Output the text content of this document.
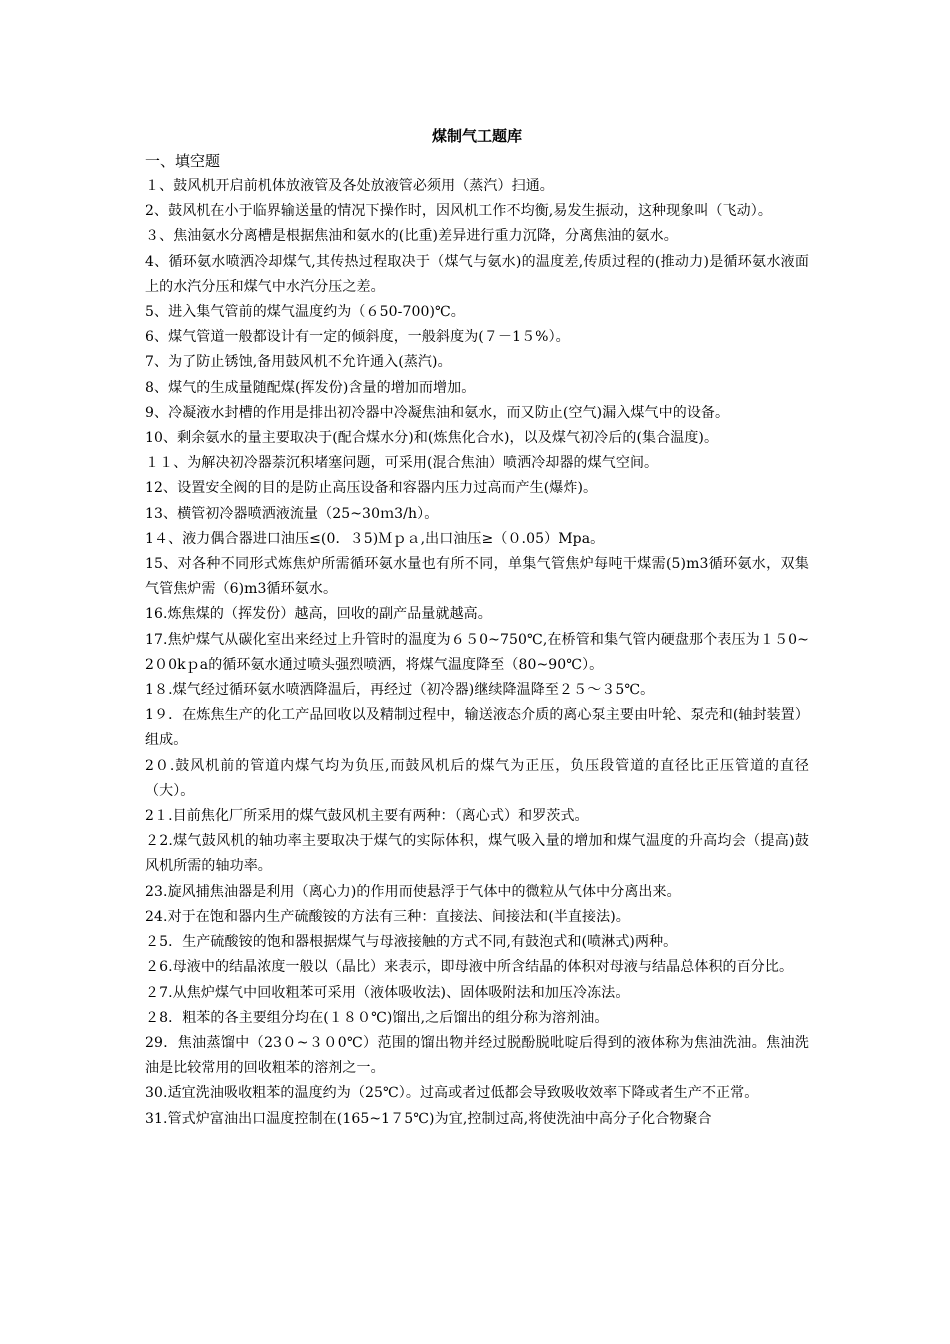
煤制气工题库

一、填空题

１、鼓风机开启前机体放液管及各处放液管必须用（蒸汽）扫通。

2、鼓风机在小于临界输送量的情况下操作时，因风机工作不均衡,易发生振动，这种现象叫（飞动）。

３、焦油氨水分离槽是根据焦油和氨水的(比重)差异进行重力沉降，分离焦油的氨水。

4、循环氨水喷洒冷却煤气,其传热过程取决于（煤气与氨水)的温度差,传质过程的(推动力)是循环氨水液面上的水汽分压和煤气中水汽分压之差。

5、进入集气管前的煤气温度约为（６50-700)℃。

6、煤气管道一般都设计有一定的倾斜度，一般斜度为(７－1５%）。

7、为了防止锈蚀,备用鼓风机不允许通入(蒸汽)。

8、煤气的生成量随配煤(挥发份)含量的增加而增加。

9、冷凝液水封槽的作用是排出初冷器中冷凝焦油和氨水，而又防止(空气)漏入煤气中的设备。

10、剩余氨水的量主要取决于(配合煤水分)和(炼焦化合水)，以及煤气初冷后的(集合温度)。

１１、为解决初冷器萘沉积堵塞问题，可采用(混合焦油）喷洒冷却器的煤气空间。

12、设置安全阀的目的是防止高压设备和容器内压力过高而产生(爆炸)。

13、横管初冷器喷洒液流量（25~30ｍ3/h）。

1４、液力偶合器进口油压≤(0．３5)Ｍｐａ,出口油压≥（０.05）Mpa。

15、对各种不同形式炼焦炉所需循环氨水量也有所不同，单集气管焦炉每吨干煤需(5)m3循环氨水，双集气管焦炉需（6)m3循环氨水。

16.炼焦煤的（挥发份）越高，回收的副产品量就越高。

17.焦炉煤气从碳化室出来经过上升管时的温度为６５0~750℃,在桥管和集气管内硬盘那个表压为１５0~2０0kｐa的循环氨水通过喷头强烈喷洒，将煤气温度降至（80~90℃）。

1８.煤气经过循环氨水喷洒降温后，再经过（初冷器)继续降温降至２５～３5℃。

1９．在炼焦生产的化工产品回收以及精制过程中，输送液态介质的离心泵主要由叶轮、泵壳和(轴封装置）组成。

2０.鼓风机前的管道内煤气均为负压,而鼓风机后的煤气为正压，负压段管道的直径比正压管道的直径（大）。

2１.目前焦化厂所采用的煤气鼓风机主要有两种：（离心式）和罗茨式。

２2.煤气鼓风机的轴功率主要取决于煤气的实际体积，煤气吸入量的增加和煤气温度的升高均会（提高)鼓风机所需的轴功率。

23.旋风捕焦油器是利用（离心力)的作用而使悬浮于气体中的微粒从气体中分离出来。

24.对于在饱和器内生产硫酸铵的方法有三种：直接法、间接法和(半直接法)。

２5．生产硫酸铵的饱和器根据煤气与母液接触的方式不同,有鼓泡式和(喷淋式)两种。

２6.母液中的结晶浓度一般以（晶比）来表示，即母液中所含结晶的体积对母液与结晶总体积的百分比。

２7.从焦炉煤气中回收粗苯可采用（液体吸收法)、固体吸附法和加压冷冻法。

２8．粗苯的各主要组分均在(１８０℃)馏出,之后馏出的组分称为溶剂油。

29．焦油蒸馏中（23０~３０0℃）范围的馏出物并经过脱酚脱吡啶后得到的液体称为焦油洗油。焦油洗油是比较常用的回收粗苯的溶剂之一。

30.适宜洗油吸收粗苯的温度约为（25℃）。过高或者过低都会导致吸收效率下降或者生产不正常。

31.管式炉富油出口温度控制在(165~1７5℃)为宜,控制过高,将使洗油中高分子化合物聚合
